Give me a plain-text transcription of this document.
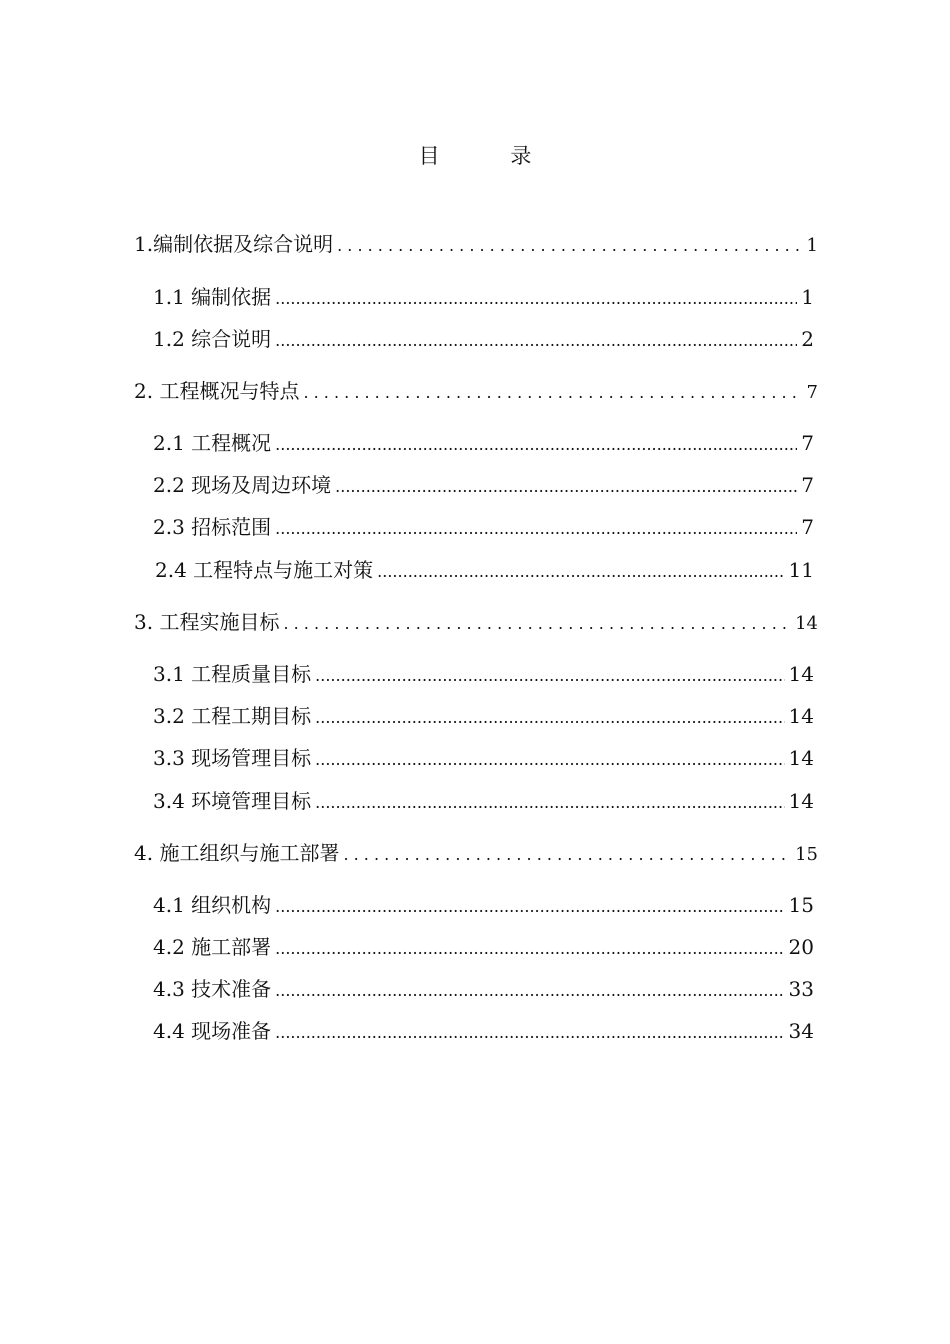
目 录
1.编制依据及综合说明 . . .	1
1.1 编制依据 .....	1
1.2 综合说明 .....	2
2. 工程概况与特点 . . .	7
2.1 工程概况 .....	7
2.2 现场及周边环境 .....	7
2.3 招标范围 .....	7
2.4 工程特点与施工对策 .....	11
3. 工程实施目标 . . .	14
3.1 工程质量目标 .....	14
3.2 工程工期目标 .....	14
3.3 现场管理目标 .....	14
3.4 环境管理目标 .....	14
4. 施工组织与施工部署 . . .	15
4.1 组织机构 .....	15
4.2 施工部署 .....	20
4.3 技术准备 .....	33
4.4 现场准备 .....	34
